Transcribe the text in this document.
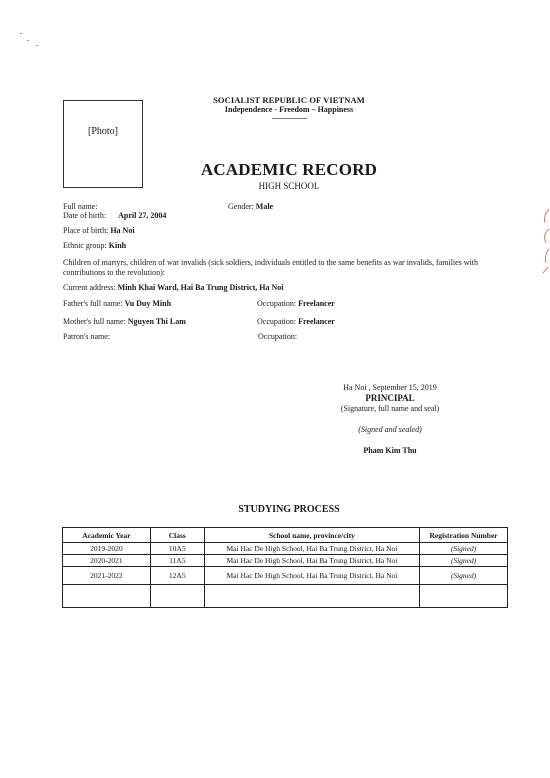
[Photo]
SOCIALIST REPUBLIC OF VIETNAM
Independence - Freedom – Happiness
--------------------------
ACADEMIC RECORD
HIGH SCHOOL
Full name:	Gender: Male
Date of birth: April 27, 2004
Place of birth: Ha Noi
Ethnic group: Kinh
Children of martyrs, children of war invalids (sick soldiers, individuals entitled to the same benefits as war invalids, families with contributions to the revolution):
Current address: Minh Khai Ward, Hai Ba Trung District, Ha Noi
Father's full name: Vu Duy Minh	Occupation: Freelancer
Mother's full name: Nguyen Thi Lam	Occupation: Freelancer
Patron's name:	Occupation:
Ha Noi , September 15, 2019
PRINCIPAL
(Signature, full name and seal)
(Signed and sealed)
Pham Kim Thu
STUDYING PROCESS
Academic Year	Class	School name, province/city	Registration Number
2019-2020	10A5	Mai Hac De High School, Hai Ba Trung District, Ha Noi	(Signed)
2020-2021	11A5	Mai Hac De High School, Hai Ba Trung District, Ha Noi	(Signed)
2021-2022	12A5	Mai Hac De High School, Hai Ba Trung District, Ha Noi	(Signed)
